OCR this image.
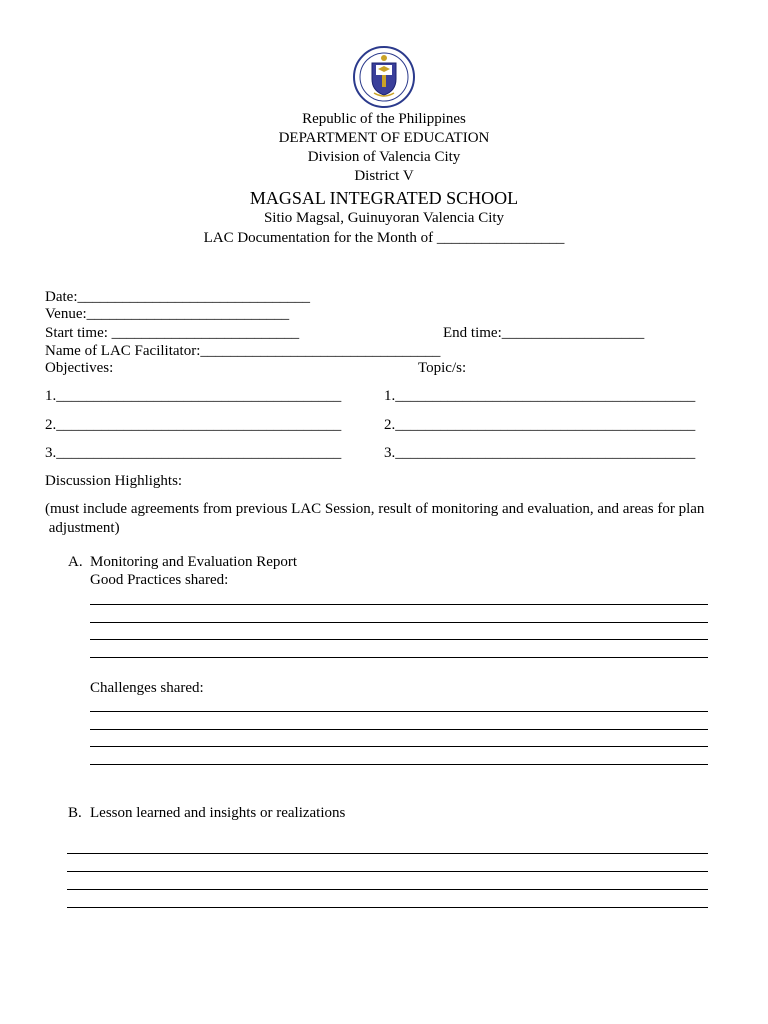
Republic of the Philippines
DEPARTMENT OF EDUCATION
Division of Valencia City
District V
MAGSAL INTEGRATED SCHOOL
Sitio Magsal, Guinuyoran Valencia City
LAC Documentation for the Month of _________________
Date:_______________________________
Venue:___________________________
Start time: _________________________	End time:___________________
Name of LAC Facilitator:________________________________
Objectives:	Topic/s:
1.______________________________________
2.______________________________________
3.______________________________________
1.________________________________________
2.________________________________________
3.________________________________________
Discussion Highlights:
(must include agreements from previous LAC Session, result of monitoring and evaluation, and areas for plan
adjustment)
A. Monitoring and Evaluation Report
Good Practices shared:
Challenges shared:
B. Lesson learned and insights or realizations
